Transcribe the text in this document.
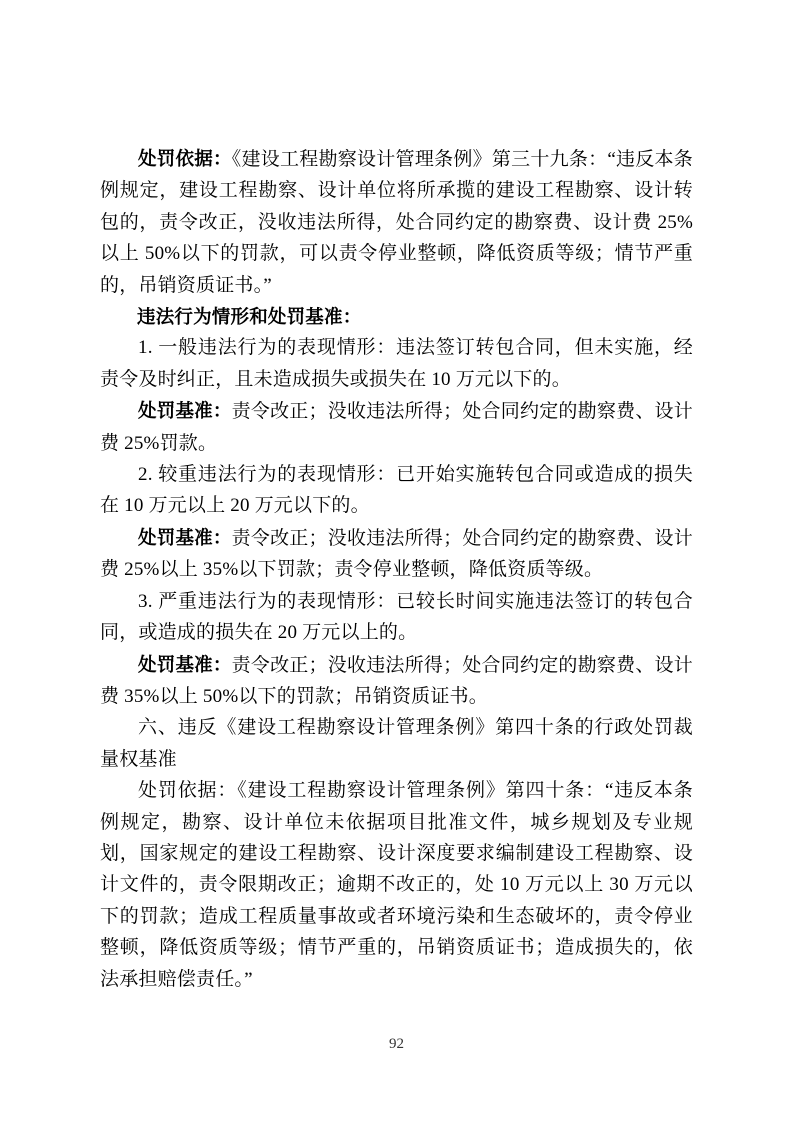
处罚依据：《建设工程勘察设计管理条例》第三十九条：“违反本条例规定，建设工程勘察、设计单位将所承揽的建设工程勘察、设计转包的，责令改正，没收违法所得，处合同约定的勘察费、设计费 25%以上 50%以下的罚款，可以责令停业整顿，降低资质等级；情节严重的，吊销资质证书。”

违法行为情形和处罚基准：

1. 一般违法行为的表现情形：违法签订转包合同，但未实施，经责令及时纠正，且未造成损失或损失在 10 万元以下的。

处罚基准：责令改正；没收违法所得；处合同约定的勘察费、设计费 25%罚款。

2. 较重违法行为的表现情形：已开始实施转包合同或造成的损失在 10 万元以上 20 万元以下的。

处罚基准：责令改正；没收违法所得；处合同约定的勘察费、设计费 25%以上 35%以下罚款；责令停业整顿，降低资质等级。

3. 严重违法行为的表现情形：已较长时间实施违法签订的转包合同，或造成的损失在 20 万元以上的。

处罚基准：责令改正；没收违法所得；处合同约定的勘察费、设计费 35%以上 50%以下的罚款；吊销资质证书。

六、违反《建设工程勘察设计管理条例》第四十条的行政处罚裁量权基准

处罚依据：《建设工程勘察设计管理条例》第四十条：“违反本条例规定，勘察、设计单位未依据项目批准文件，城乡规划及专业规划，国家规定的建设工程勘察、设计深度要求编制建设工程勘察、设计文件的，责令限期改正；逾期不改正的，处 10 万元以上 30 万元以下的罚款；造成工程质量事故或者环境污染和生态破坏的，责令停业整顿，降低资质等级；情节严重的，吊销资质证书；造成损失的，依法承担赔偿责任。”

92
